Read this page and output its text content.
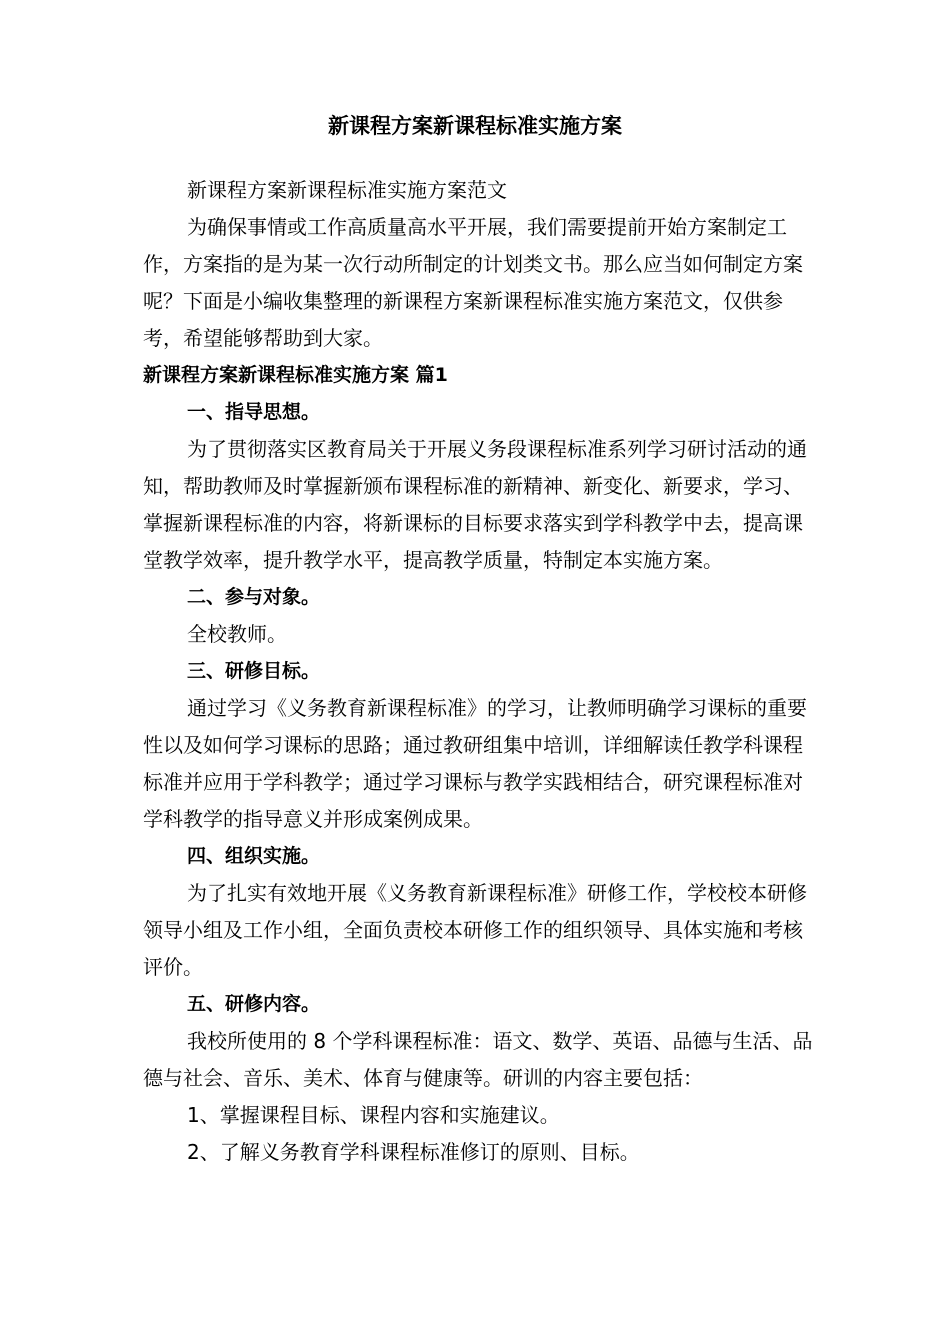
新课程方案新课程标准实施方案

新课程方案新课程标准实施方案范文

为确保事情或工作高质量高水平开展，我们需要提前开始方案制定工作，方案指的是为某一次行动所制定的计划类文书。那么应当如何制定方案呢？下面是小编收集整理的新课程方案新课程标准实施方案范文，仅供参考，希望能够帮助到大家。

新课程方案新课程标准实施方案 篇1

一、指导思想。

为了贯彻落实区教育局关于开展义务段课程标准系列学习研讨活动的通知，帮助教师及时掌握新颁布课程标准的新精神、新变化、新要求，学习、掌握新课程标准的内容，将新课标的目标要求落实到学科教学中去，提高课堂教学效率，提升教学水平，提高教学质量，特制定本实施方案。

二、参与对象。

全校教师。

三、研修目标。

通过学习《义务教育新课程标准》的学习，让教师明确学习课标的重要性以及如何学习课标的思路；通过教研组集中培训，详细解读任教学科课程标准并应用于学科教学；通过学习课标与教学实践相结合，研究课程标准对学科教学的指导意义并形成案例成果。

四、组织实施。

为了扎实有效地开展《义务教育新课程标准》研修工作，学校校本研修领导小组及工作小组，全面负责校本研修工作的组织领导、具体实施和考核评价。

五、研修内容。

我校所使用的 8 个学科课程标准：语文、数学、英语、品德与生活、品德与社会、音乐、美术、体育与健康等。研训的内容主要包括：

1、掌握课程目标、课程内容和实施建议。

2、了解义务教育学科课程标准修订的原则、目标。
